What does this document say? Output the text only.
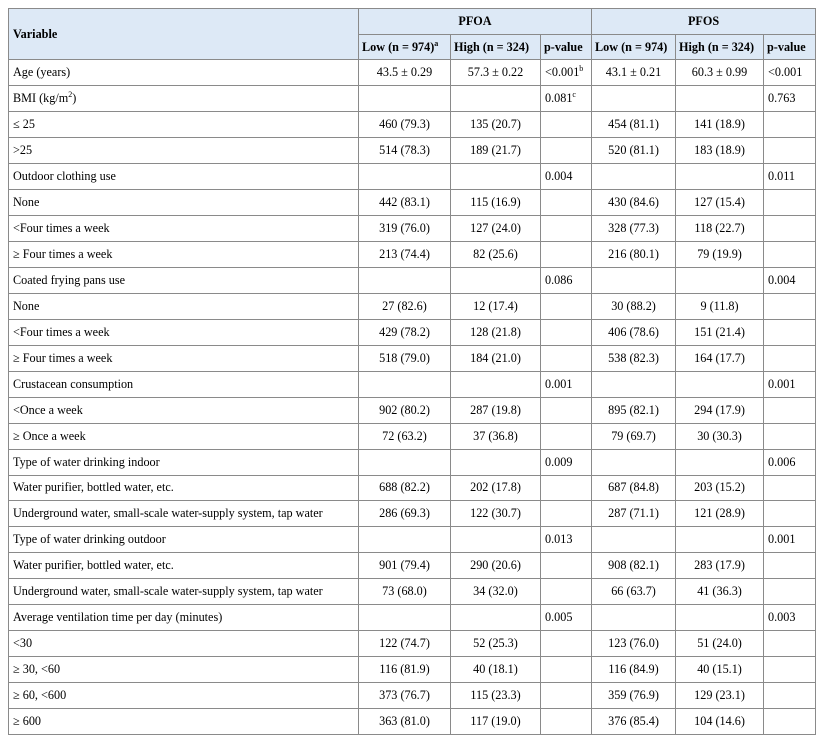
Variable	PFOA			PFOS		
	Low (n = 974)$^a$	High (n = 324)	p-value	Low (n = 974)	High (n = 324)	p-value
Age (years)	43.5 ± 0.29	57.3 ± 0.22	<0.001$^b$	43.1 ± 0.21	60.3 ± 0.99	<0.001
BMI $(kg/m^2)$			0.081$^c$			0.763
≤ 25	460 (79.3)	135 (20.7)		454 (81.1)	141 (18.9)	
>25	514 (78.3)	189 (21.7)		520 (81.1)	183 (18.9)	
Outdoor clothing use			0.004			0.011
None	442 (83.1)	115 (16.9)		430 (84.6)	127 (15.4)	
<Four times a week	319 (76.0)	127 (24.0)		328 (77.3)	118 (22.7)	
≥ Four times a week	213 (74.4)	82 (25.6)		216 (80.1)	79 (19.9)	
Coated frying pans use			0.086			0.004
None	27 (82.6)	12 (17.4)		30 (88.2)	9 (11.8)	
<Four times a week	429 (78.2)	128 (21.8)		406 (78.6)	151 (21.4)	
≥ Four times a week	518 (79.0)	184 (21.0)		538 (82.3)	164 (17.7)	
Crustacean consumption			0.001			0.001
<Once a week	902 (80.2)	287 (19.8)		895 (82.1)	294 (17.9)	
≥ Once a week	72 (63.2)	37 (36.8)		79 (69.7)	30 (30.3)	
Type of water drinking indoor			0.009			0.006
Water purifier, bottled water, etc.	688 (82.2)	202 (17.8)		687 (84.8)	203 (15.2)	
Underground water, small-scale water-supply system, tap water	286 (69.3)	122 (30.7)		287 (71.1)	121 (28.9)	
Type of water drinking outdoor			0.013			0.001
Water purifier, bottled water, etc.	901 (79.4)	290 (20.6)		908 (82.1)	283 (17.9)	
Underground water, small-scale water-supply system, tap water	73 (68.0)	34 (32.0)		66 (63.7)	41 (36.3)	
Average ventilation time per day (minutes)			0.005			0.003
<30	122 (74.7)	52 (25.3)		123 (76.0)	51 (24.0)	
≥ 30, <60	116 (81.9)	40 (18.1)		116 (84.9)	40 (15.1)	
≥ 60, <600	373 (76.7)	115 (23.3)		359 (76.9)	129 (23.1)	
≥ 600	363 (81.0)	117 (19.0)		376 (85.4)	104 (14.6)	
